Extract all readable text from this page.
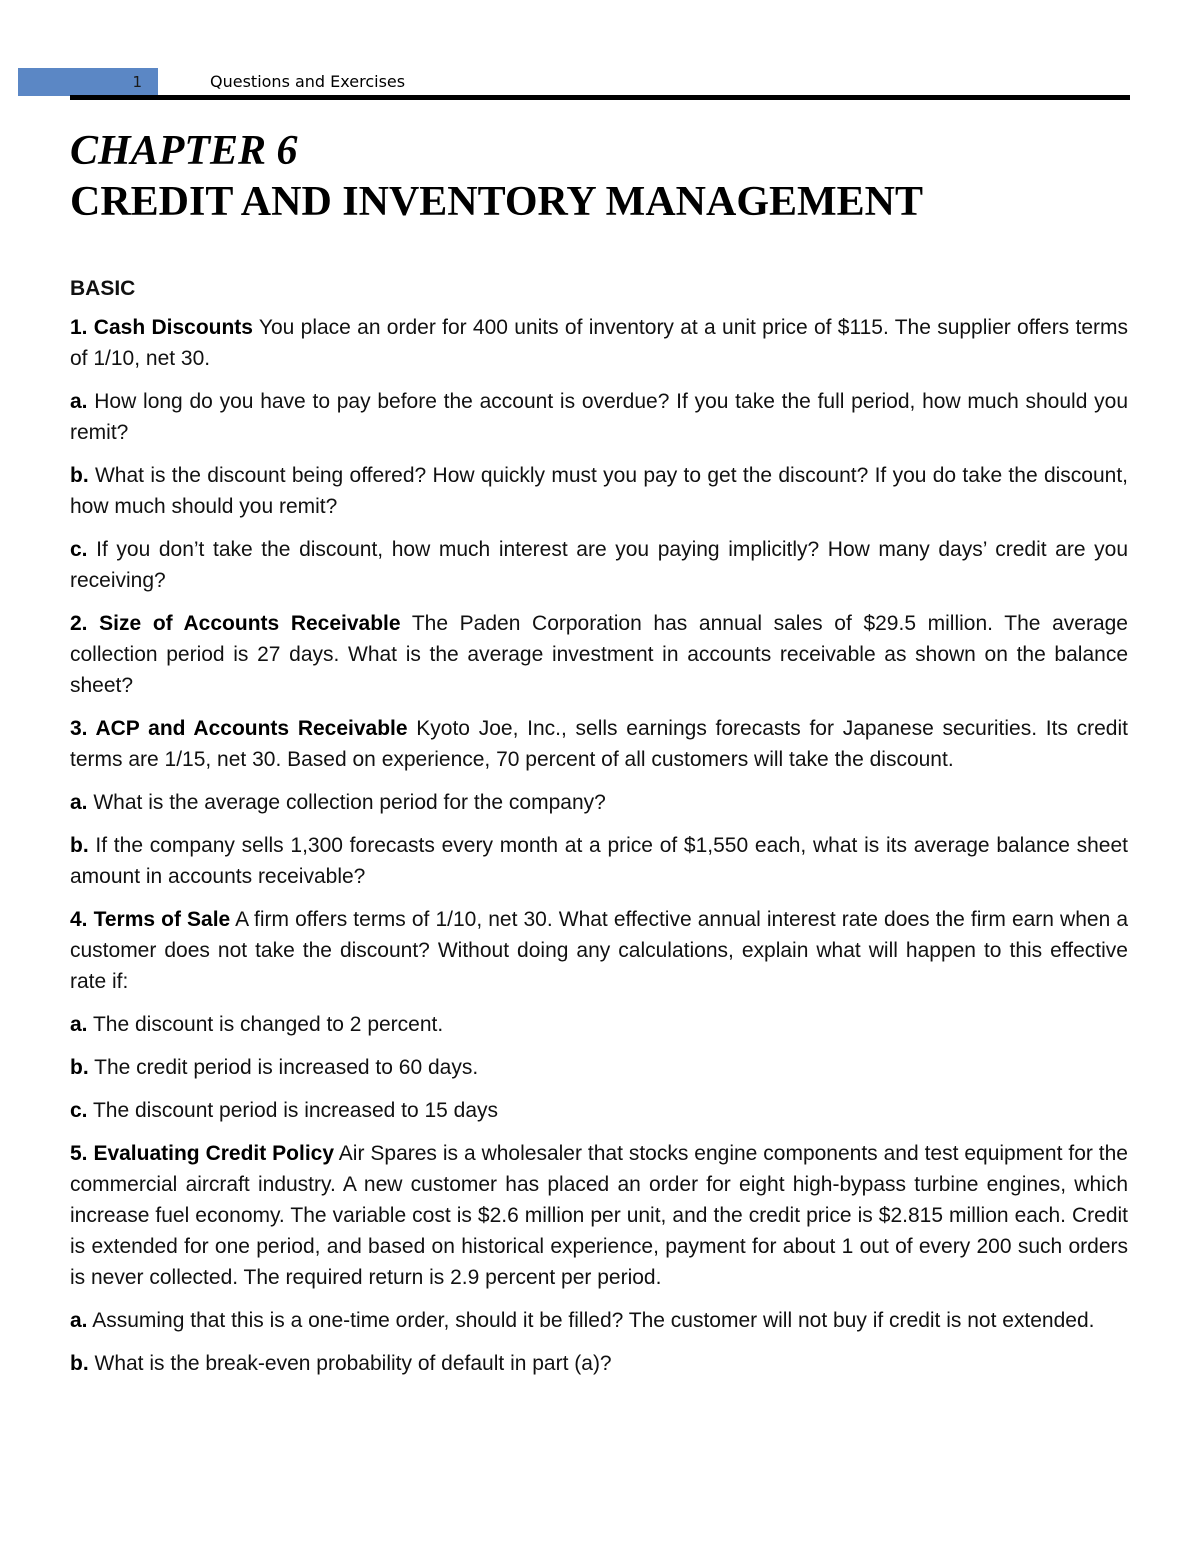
1	Questions and Exercises
CHAPTER 6
CREDIT AND INVENTORY MANAGEMENT
BASIC

1. Cash Discounts You place an order for 400 units of inventory at a unit price of $115. The supplier offers terms of 1/10, net 30.

a. How long do you have to pay before the account is overdue? If you take the full period, how much should you remit?

b. What is the discount being offered? How quickly must you pay to get the discount? If you do take the discount, how much should you remit?

c. If you don’t take the discount, how much interest are you paying implicitly? How many days’ credit are you receiving?

2. Size of Accounts Receivable The Paden Corporation has annual sales of $29.5 million. The average collection period is 27 days. What is the average investment in accounts receivable as shown on the balance sheet?

3. ACP and Accounts Receivable Kyoto Joe, Inc., sells earnings forecasts for Japanese securities. Its credit terms are 1/15, net 30. Based on experience, 70 percent of all customers will take the discount.

a. What is the average collection period for the company?

b. If the company sells 1,300 forecasts every month at a price of $1,550 each, what is its average balance sheet amount in accounts receivable?

4. Terms of Sale A firm offers terms of 1/10, net 30. What effective annual interest rate does the firm earn when a customer does not take the discount? Without doing any calculations, explain what will happen to this effective rate if:

a. The discount is changed to 2 percent.

b. The credit period is increased to 60 days.

c. The discount period is increased to 15 days

5. Evaluating Credit Policy Air Spares is a wholesaler that stocks engine components and test equipment for the commercial aircraft industry. A new customer has placed an order for eight high-bypass turbine engines, which increase fuel economy. The variable cost is $2.6 million per unit, and the credit price is $2.815 million each. Credit is extended for one period, and based on historical experience, payment for about 1 out of every 200 such orders is never collected. The required return is 2.9 percent per period.

a. Assuming that this is a one-time order, should it be filled? The customer will not buy if credit is not extended.

b. What is the break-even probability of default in part (a)?
